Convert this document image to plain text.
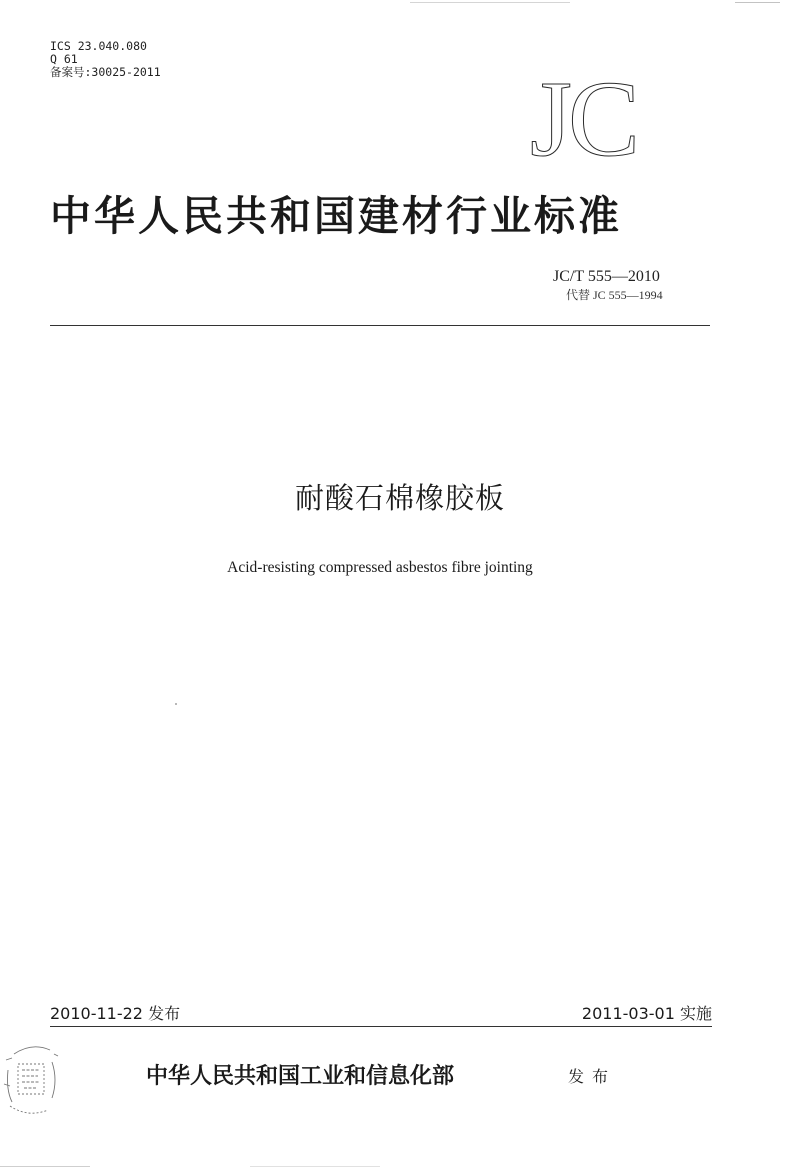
ICS 23.040.080
Q 61
备案号:30025-2011	JC
中华人民共和国建材行业标准
JC/T 555—2010
代替 JC 555—1994
耐酸石棉橡胶板
Acid-resisting compressed asbestos fibre jointing
2010-11-22 发布	2011-03-01 实施
中华人民共和国工业和信息化部	发布
